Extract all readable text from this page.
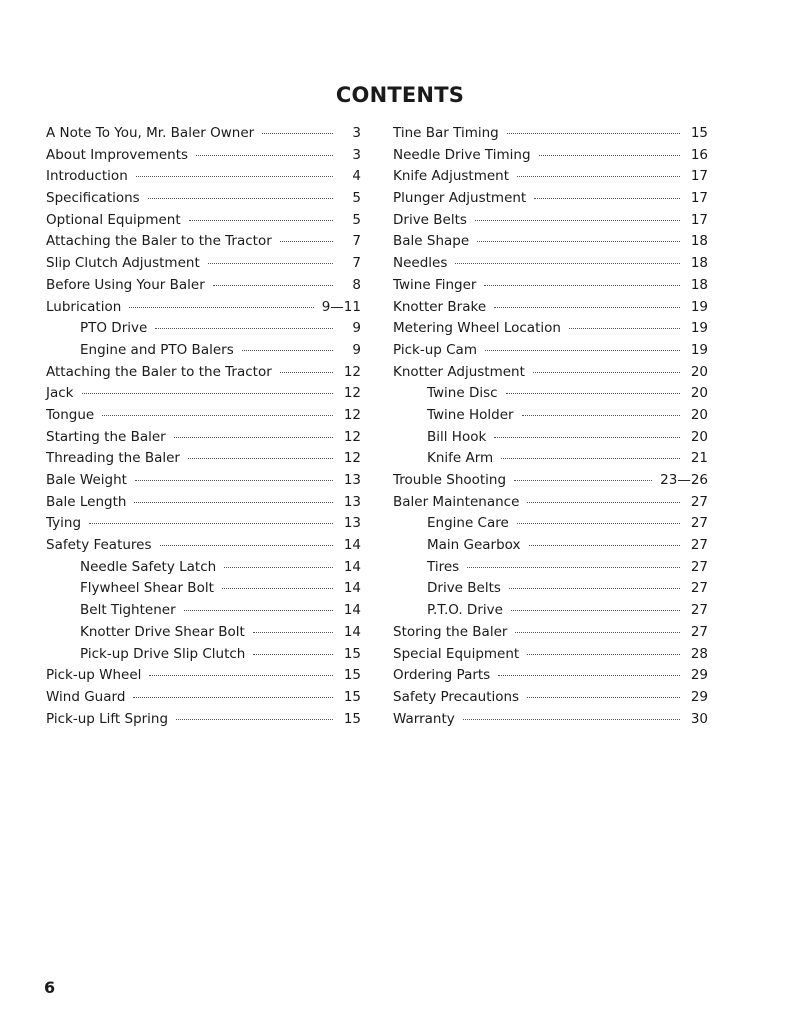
CONTENTS
A Note To You, Mr. Baler Owner	3
About Improvements	3
Introduction	4
Specifications	5
Optional Equipment	5
Attaching the Baler to the Tractor	7
Slip Clutch Adjustment	7
Before Using Your Baler	8
Lubrication	9—11
PTO Drive	9
Engine and PTO Balers	9
Attaching the Baler to the Tractor	12
Jack	12
Tongue	12
Starting the Baler	12
Threading the Baler	12
Bale Weight	13
Bale Length	13
Tying	13
Safety Features	14
Needle Safety Latch	14
Flywheel Shear Bolt	14
Belt Tightener	14
Knotter Drive Shear Bolt	14
Pick-up Drive Slip Clutch	15
Pick-up Wheel	15
Wind Guard	15
Pick-up Lift Spring	15
Tine Bar Timing	15
Needle Drive Timing	16
Knife Adjustment	17
Plunger Adjustment	17
Drive Belts	17
Bale Shape	18
Needles	18
Twine Finger	18
Knotter Brake	19
Metering Wheel Location	19
Pick-up Cam	19
Knotter Adjustment	20
Twine Disc	20
Twine Holder	20
Bill Hook	20
Knife Arm	21
Trouble Shooting	23—26
Baler Maintenance	27
Engine Care	27
Main Gearbox	27
Tires	27
Drive Belts	27
P.T.O. Drive	27
Storing the Baler	27
Special Equipment	28
Ordering Parts	29
Safety Precautions	29
Warranty	30
6
